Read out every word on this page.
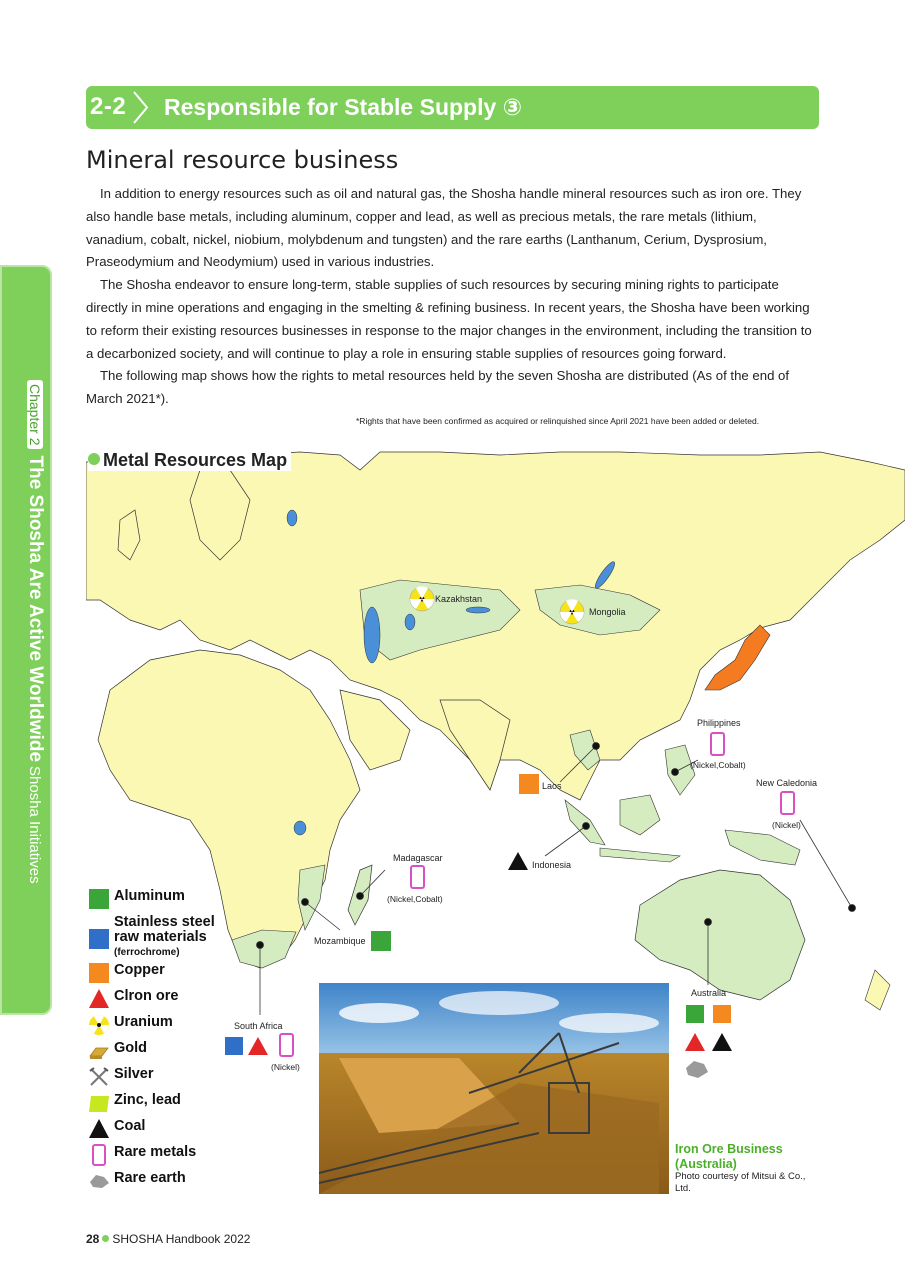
2-2 Responsible for Stable Supply ③
Mineral resource business

In addition to energy resources such as oil and natural gas, the Shosha handle mineral resources such as iron ore. They also handle base metals, including aluminum, copper and lead, as well as precious metals, the rare metals (lithium, vanadium, cobalt, nickel, niobium, molybdenum and tungsten) and the rare earths (Lanthanum, Cerium, Dysprosium, Praseodymium and Neodymium) used in various industries.

The Shosha endeavor to ensure long-term, stable supplies of such resources by securing mining rights to participate directly in mine operations and engaging in the smelting & refining business. In recent years, the Shosha have been working to reform their existing resources businesses in response to the major changes in the environment, including the transition to a decarbonized society, and will continue to play a role in ensuring stable supplies of resources going forward.

The following map shows how the rights to metal resources held by the seven Shosha are distributed (As of the end of March 2021*).

*Rights that have been confirmed as acquired or relinquished since April 2021 have been added or deleted.
Chapter 2The Shosha Are Active WorldwideShosha Initiatives
Metal Resources Map
Kazakhstan
Mongolia
Philippines
(Nickel,Cobalt)
New Caledonia
(Nickel)
Laos
Indonesia
Madagascar
(Nickel,Cobalt)
Mozambique
South Africa
(Nickel)
Australia
Aluminum
Stainless steel raw materials
(ferrochrome)
Copper
Clron ore
Uranium
Gold
Silver
Zinc, lead
Coal
Rare metals
Rare earth
Iron Ore Business (Australia)
Photo courtesy of Mitsui & Co., Ltd.
28 SHOSHA Handbook 2022
